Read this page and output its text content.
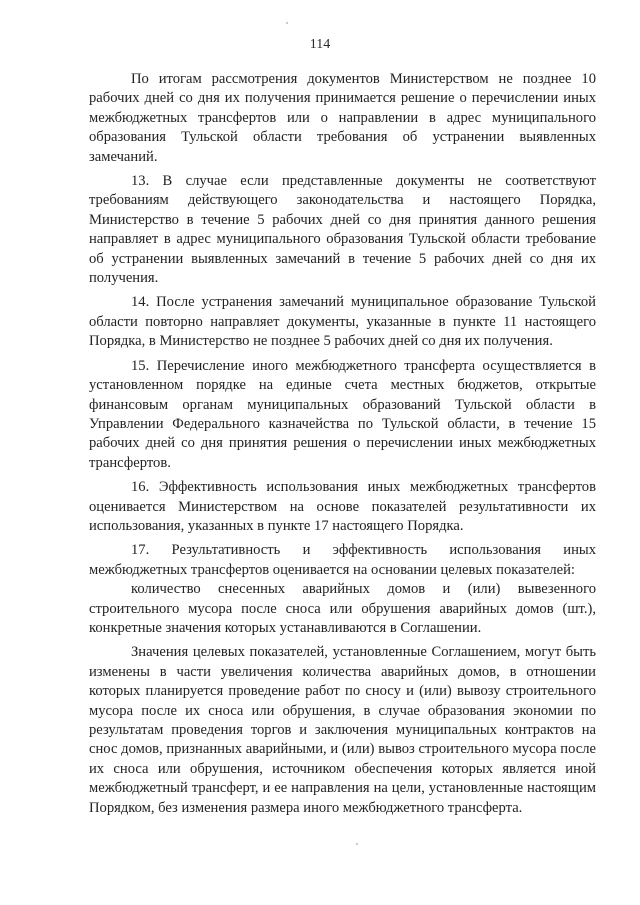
114

По итогам рассмотрения документов Министерством не позднее 10 рабочих дней со дня их получения принимается решение о перечислении иных межбюджетных трансфертов или о направлении в адрес муниципального образования Тульской области требования об устранении выявленных замечаний.

13. В случае если представленные документы не соответствуют требованиям действующего законодательства и настоящего Порядка, Министерство в течение 5 рабочих дней со дня принятия данного решения направляет в адрес муниципального образования Тульской области требование об устранении выявленных замечаний в течение 5 рабочих дней со дня их получения.

14. После устранения замечаний муниципальное образование Тульской области повторно направляет документы, указанные в пункте 11 настоящего Порядка, в Министерство не позднее 5 рабочих дней со дня их получения.

15. Перечисление иного межбюджетного трансферта осуществляется в установленном порядке на единые счета местных бюджетов, открытые финансовым органам муниципальных образований Тульской области в Управлении Федерального казначейства по Тульской области, в течение 15 рабочих дней со дня принятия решения о перечислении иных межбюджетных трансфертов.

16. Эффективность использования иных межбюджетных трансфертов оценивается Министерством на основе показателей результативности их использования, указанных в пункте 17 настоящего Порядка.

17. Результативность и эффективность использования иных межбюджетных трансфертов оценивается на основании целевых показателей:

количество снесенных аварийных домов и (или) вывезенного строительного мусора после сноса или обрушения аварийных домов (шт.), конкретные значения которых устанавливаются в Соглашении.

Значения целевых показателей, установленные Соглашением, могут быть изменены в части увеличения количества аварийных домов, в отношении которых планируется проведение работ по сносу и (или) вывозу строительного мусора после их сноса или обрушения, в случае образования экономии по результатам проведения торгов и заключения муниципальных контрактов на снос домов, признанных аварийными, и (или) вывоз строительного мусора после их сноса или обрушения, источником обеспечения которых является иной межбюджетный трансферт, и ее направления на цели, установленные настоящим Порядком, без изменения размера иного межбюджетного трансферта.
